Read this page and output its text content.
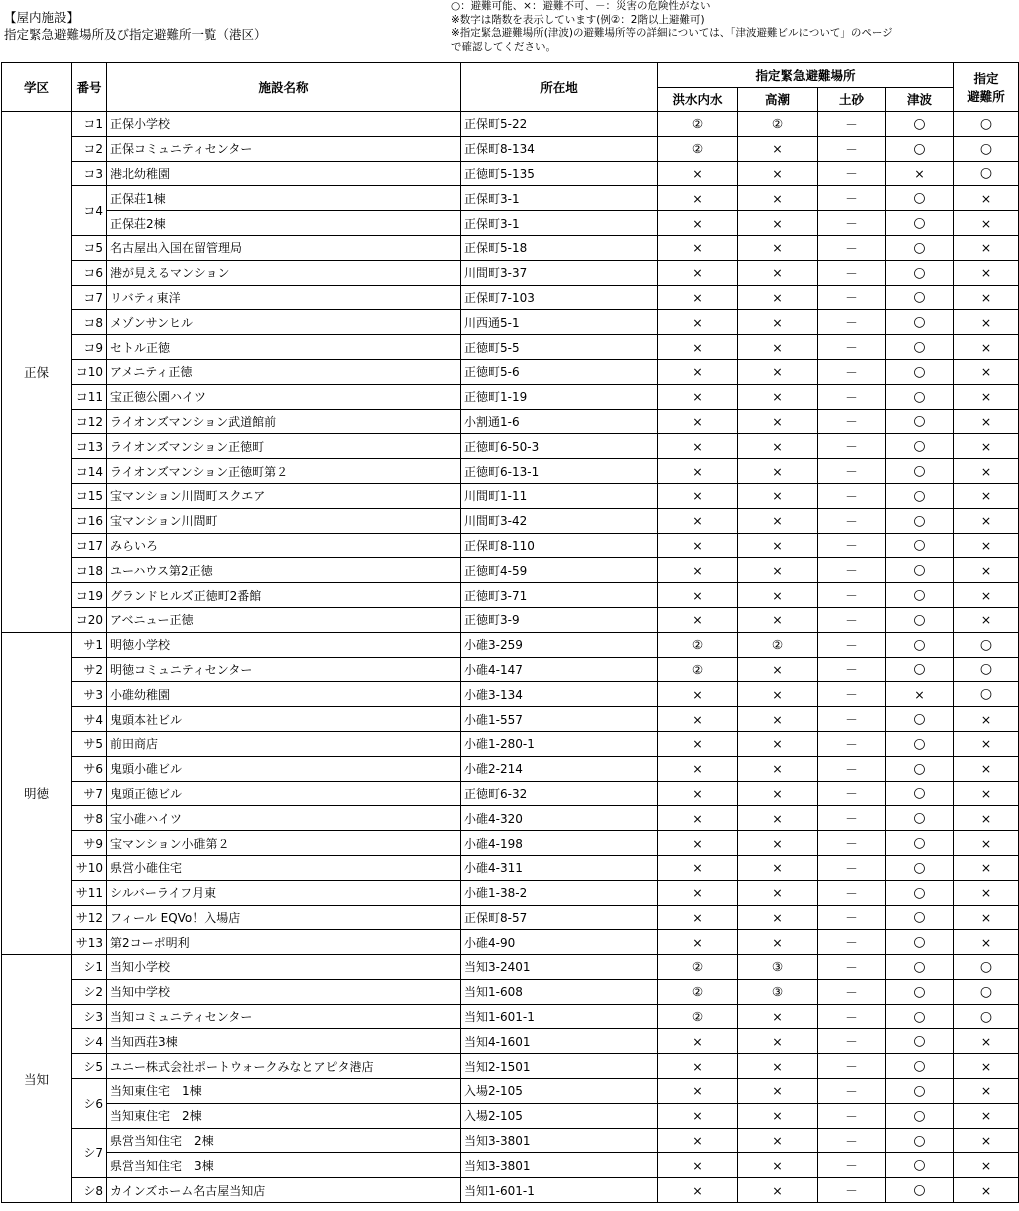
【屋内施設】
指定緊急避難場所及び指定避難所一覧（港区）
○：避難可能、×：避難不可、－：災害の危険性がない
※数字は階数を表示しています(例②：2階以上避難可)
※指定緊急避難場所(津波)の避難場所等の詳細については、「津波避難ビルについて」のページ
で確認してください。
学区	番号	施設名称	所在地	指定緊急避難場所				指定
避難所

				洪水内水	高潮	土砂	津波	
正保	コ1	正保小学校	正保町5-22	②	②	－	○	○
	コ2	正保コミュニティセンター	正保町8-134	②	×	－	○	○
	コ3	港北幼稚園	正徳町5-135	×	×	－	×	○
	コ4	正保荘1棟	正保町3-1	×	×	－	○	×
		正保荘2棟	正保町3-1	×	×	－	○	×
	コ5	名古屋出入国在留管理局	正保町5-18	×	×	－	○	×
	コ6	港が見えるマンション	川間町3-37	×	×	－	○	×
	コ7	リバティ東洋	正保町7-103	×	×	－	○	×
	コ8	メゾンサンヒル	川西通5-1	×	×	－	○	×
	コ9	セトル正徳	正徳町5-5	×	×	－	○	×
	コ10	アメニティ正徳	正徳町5-6	×	×	－	○	×
	コ11	宝正徳公園ハイツ	正徳町1-19	×	×	－	○	×
	コ12	ライオンズマンション武道館前	小割通1-6	×	×	－	○	×
	コ13	ライオンズマンション正徳町	正徳町6-50-3	×	×	－	○	×
	コ14	ライオンズマンション正徳町第２	正徳町6-13-1	×	×	－	○	×
	コ15	宝マンション川間町スクエア	川間町1-11	×	×	－	○	×
	コ16	宝マンション川間町	川間町3-42	×	×	－	○	×
	コ17	みらいろ	正保町8-110	×	×	－	○	×
	コ18	ユーハウス第2正徳	正徳町4-59	×	×	－	○	×
	コ19	グランドヒルズ正徳町2番館	正徳町3-71	×	×	－	○	×
	コ20	アベニュー正徳	正徳町3-9	×	×	－	○	×
明徳	サ1	明徳小学校	小碓3-259	②	②	－	○	○
	サ2	明徳コミュニティセンター	小碓4-147	②	×	－	○	○
	サ3	小碓幼稚園	小碓3-134	×	×	－	×	○
	サ4	鬼頭本社ビル	小碓1-557	×	×	－	○	×
	サ5	前田商店	小碓1-280-1	×	×	－	○	×
	サ6	鬼頭小碓ビル	小碓2-214	×	×	－	○	×
	サ7	鬼頭正徳ビル	正徳町6-32	×	×	－	○	×
	サ8	宝小碓ハイツ	小碓4-320	×	×	－	○	×
	サ9	宝マンション小碓第２	小碓4-198	×	×	－	○	×
	サ10	県営小碓住宅	小碓4-311	×	×	－	○	×
	サ11	シルバーライフ月東	小碓1-38-2	×	×	－	○	×
	サ12	フィール EQVo！入場店	正保町8-57	×	×	－	○	×
	サ13	第2コーポ明利	小碓4-90	×	×	－	○	×
当知	シ1	当知小学校	当知3-2401	②	③	－	○	○
	シ2	当知中学校	当知1-608	②	③	－	○	○
	シ3	当知コミュニティセンター	当知1-601-1	②	×	－	○	○
	シ4	当知西荘3棟	当知4-1601	×	×	－	○	×
	シ5	ユニー株式会社ポートウォークみなとアピタ港店	当知2-1501	×	×	－	○	×
	シ6	当知東住宅　1棟	入場2-105	×	×	－	○	×
		当知東住宅　2棟	入場2-105	×	×	－	○	×
	シ7	県営当知住宅　2棟	当知3-3801	×	×	－	○	×
		県営当知住宅　3棟	当知3-3801	×	×	－	○	×
	シ8	カインズホーム名古屋当知店	当知1-601-1	×	×	－	○	×
